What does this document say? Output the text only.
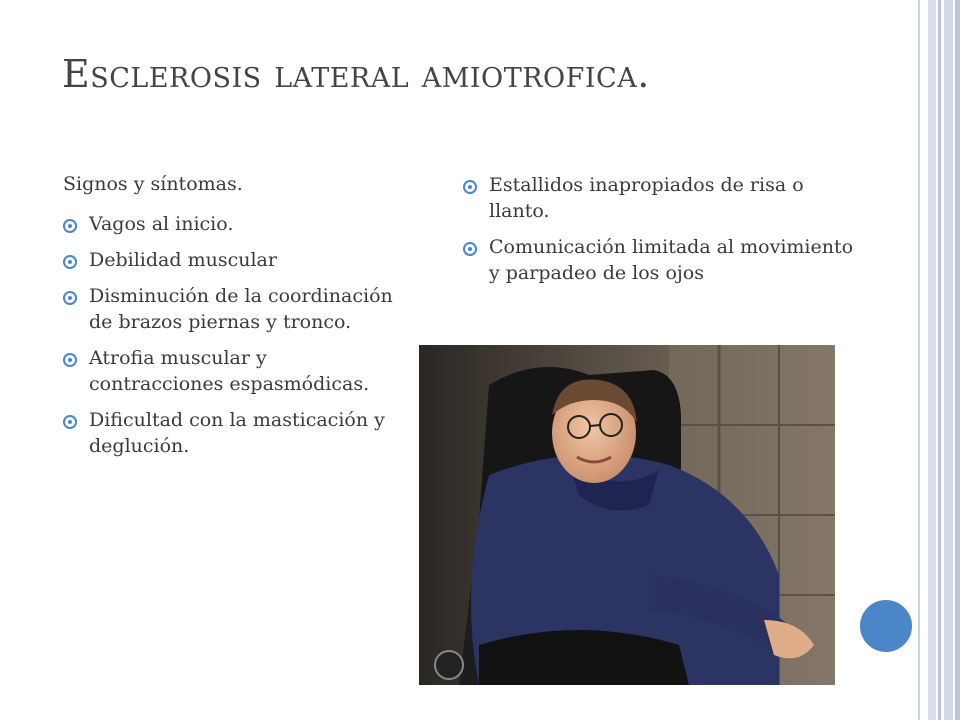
Esclerosis lateral amiotrofica.

Signos y síntomas.

Vagos al inicio.
Debilidad muscular
Disminución de la coordinación de brazos piernas y tronco.
Atrofia muscular y contracciones espasmódicas.
Dificultad con la masticación y deglución.
Estallidos inapropiados de risa o llanto.
Comunicación limitada al movimiento y parpadeo de los ojos
